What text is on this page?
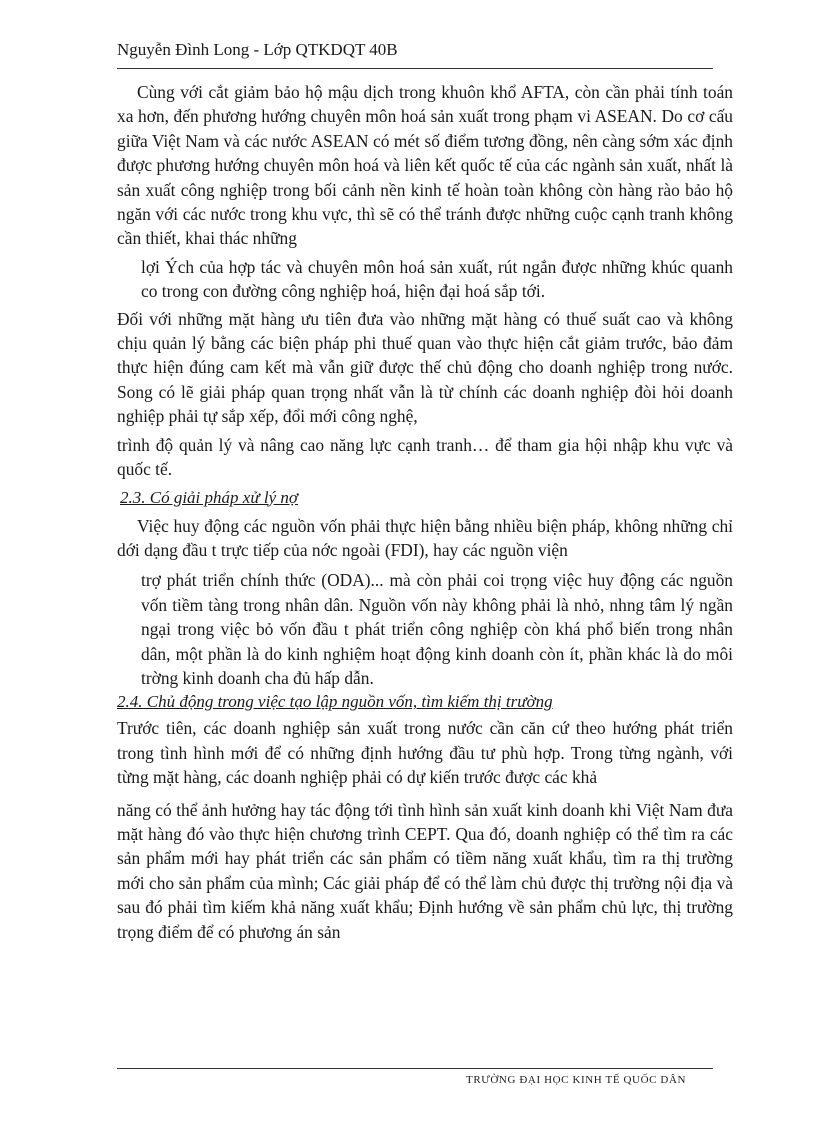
Nguyễn Đình Long - Lớp QTKDQT 40B

Cùng với cắt giảm bảo hộ mậu dịch trong khuôn khổ AFTA, còn cần phải tính toán xa hơn, đến phương hướng chuyên môn hoá sản xuất trong phạm vi ASEAN. Do cơ cấu giữa Việt Nam và các nước ASEAN có mét số điểm tương đồng, nên càng sớm xác định được phương hướng chuyên môn hoá và liên kết quốc tế của các ngành sản xuất, nhất là sản xuất công nghiệp trong bối cảnh nền kinh tế hoàn toàn không còn hàng rào bảo hộ ngăn với các nước trong khu vực, thì sẽ có thể tránh được những cuộc cạnh tranh không cần thiết, khai thác những

lợi Ých của hợp tác và chuyên môn hoá sản xuất, rút ngắn được những khúc quanh co trong con đường công nghiệp hoá, hiện đại hoá sắp tới.

Đối với những mặt hàng ưu tiên đưa vào những mặt hàng có thuế suất cao và không chịu quản lý bằng các biện pháp phi thuế quan vào thực hiện cắt giảm trước, bảo đảm thực hiện đúng cam kết mà vẫn giữ được thế chủ động cho doanh nghiệp trong nước. Song có lẽ giải pháp quan trọng nhất vẫn là từ chính các doanh nghiệp đòi hỏi doanh nghiệp phải tự sắp xếp, đổi mới công nghệ,

trình độ quản lý và nâng cao năng lực cạnh tranh… để tham gia hội nhập khu vực và quốc tế.

2.3. Có giải pháp xử lý nợ

Việc huy động các nguồn vốn phải thực hiện bằng nhiều biện pháp, không những chỉ dới dạng đầu t trực tiếp của nớc ngoài (FDI), hay các nguồn viện

trợ phát triển chính thức (ODA)... mà còn phải coi trọng việc huy động các nguồn vốn tiềm tàng trong nhân dân. Nguồn vốn này không phải là nhỏ, nhng tâm lý ngần ngại trong việc bỏ vốn đầu t phát triển công nghiệp còn khá phổ biến trong nhân dân, một phần là do kinh nghiệm hoạt động kinh doanh còn ít, phần khác là do môi trờng kinh doanh cha đủ hấp dẫn.

2.4. Chủ động trong việc tạo lập nguồn vốn, tìm kiếm thị trường

Trước tiên, các doanh nghiệp sản xuất trong nước cần căn cứ theo hướng phát triển trong tình hình mới để có những định hướng đầu tư phù hợp. Trong từng ngành, với từng mặt hàng, các doanh nghiệp phải có dự kiến trước được các khả

năng có thể ảnh hưởng hay tác động tới tình hình sản xuất kinh doanh khi Việt Nam đưa mặt hàng đó vào thực hiện chương trình CEPT. Qua đó, doanh nghiệp có thể tìm ra các sản phẩm mới hay phát triển các sản phẩm có tiềm năng xuất khẩu, tìm ra thị trường mới cho sản phẩm của mình; Các giải pháp để có thể làm chủ được thị trường nội địa và sau đó phải tìm kiếm khả năng xuất khẩu; Định hướng về sản phẩm chủ lực, thị trường trọng điểm để có phương án sản

TRƯỜNG ĐẠI HỌC KINH TẾ QUỐC DÂN
